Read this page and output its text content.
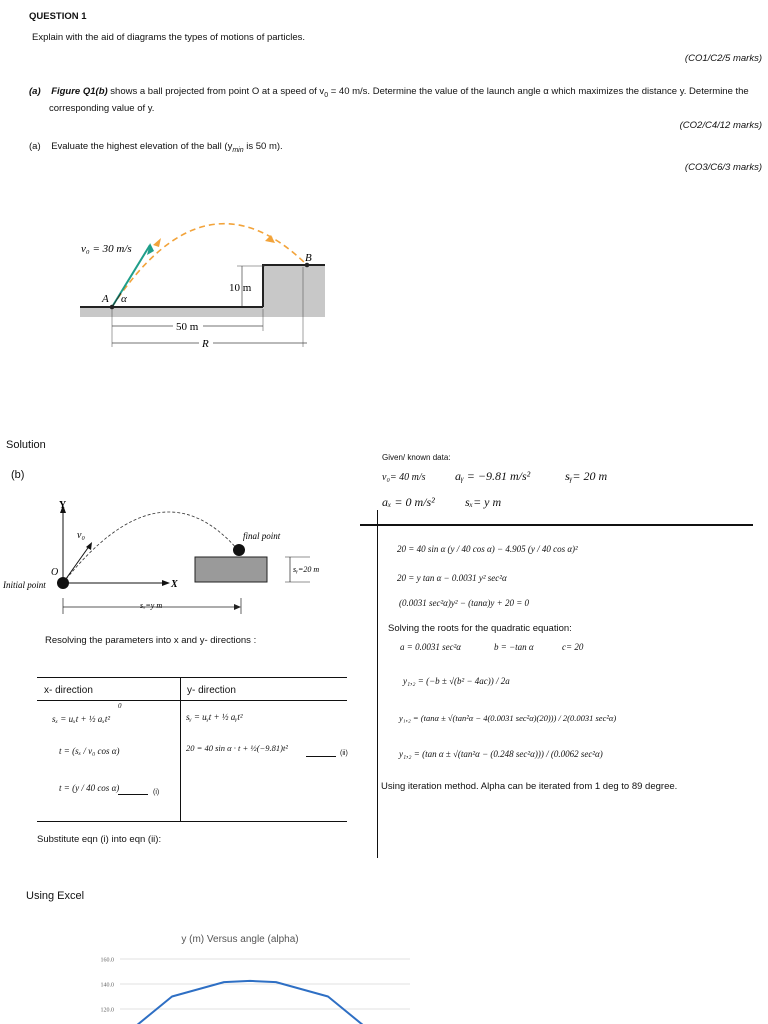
QUESTION 1
Explain with the aid of diagrams the types of motions of particles.
(CO1/C2/5 marks)
(a) Figure Q1(b) shows a ball projected from point O at a speed of $v_0 = 40$ m/s. Determine the value of the launch angle α which maximizes the distance y. Determine the
corresponding value of y.
(CO2/C4/12 marks)
(a) Evaluate the highest elevation of the ball ($y_{min}$ is 50 m).
(CO3/C6/3 marks)
v₀ = 30 m/s
A α
B
10 m
50 m
R
Solution
(b)
Y
X
O
Initial point
v₀	final point
sᵧ=20 m
sₓ=y m
Resolving the parameters into x and y- directions :
x- direction	y- direction
sₓ = uₓt + ½ aₓt²
0
t = (sₓ / v₀ cos α)
t = (y / 40 cos α)	(i)
sᵧ = uᵧt + ½ aᵧt²
20 = 40 sin α · t + ½(−9.81)t²
(ii)
Substitute eqn (i) into eqn (ii):
Using Excel
Given/ known data:
v₀= 40 m/s aᵧ = −9.81 m/s²	sᵧ= 20 m
aₓ = 0 m/s²	sₓ= y m
20 = 40 sin α (y / 40 cos α) − 4.905 (y / 40 cos α)²
20 = y tan α − 0.0031 y² sec²α
(0.0031 sec²α)y² − (tanα)y + 20 = 0
Solving the roots for the quadratic equation:
a = 0.0031 sec²α	b = −tan α	c= 20
y₁,₂ = (−b ± √(b² − 4ac)) / 2a
y₁,₂ = (tanα ± √(tan²α − 4(0.0031 sec²α)(20))) / 2(0.0031 sec²α)
y₁,₂ = (tan α ± √(tan²α − (0.248 sec²α))) / (0.0062 sec²α)
Using iteration method. Alpha can be iterated from 1 deg to 89 degree.
y (m) Versus angle (alpha)
160.0
140.0
120.0
